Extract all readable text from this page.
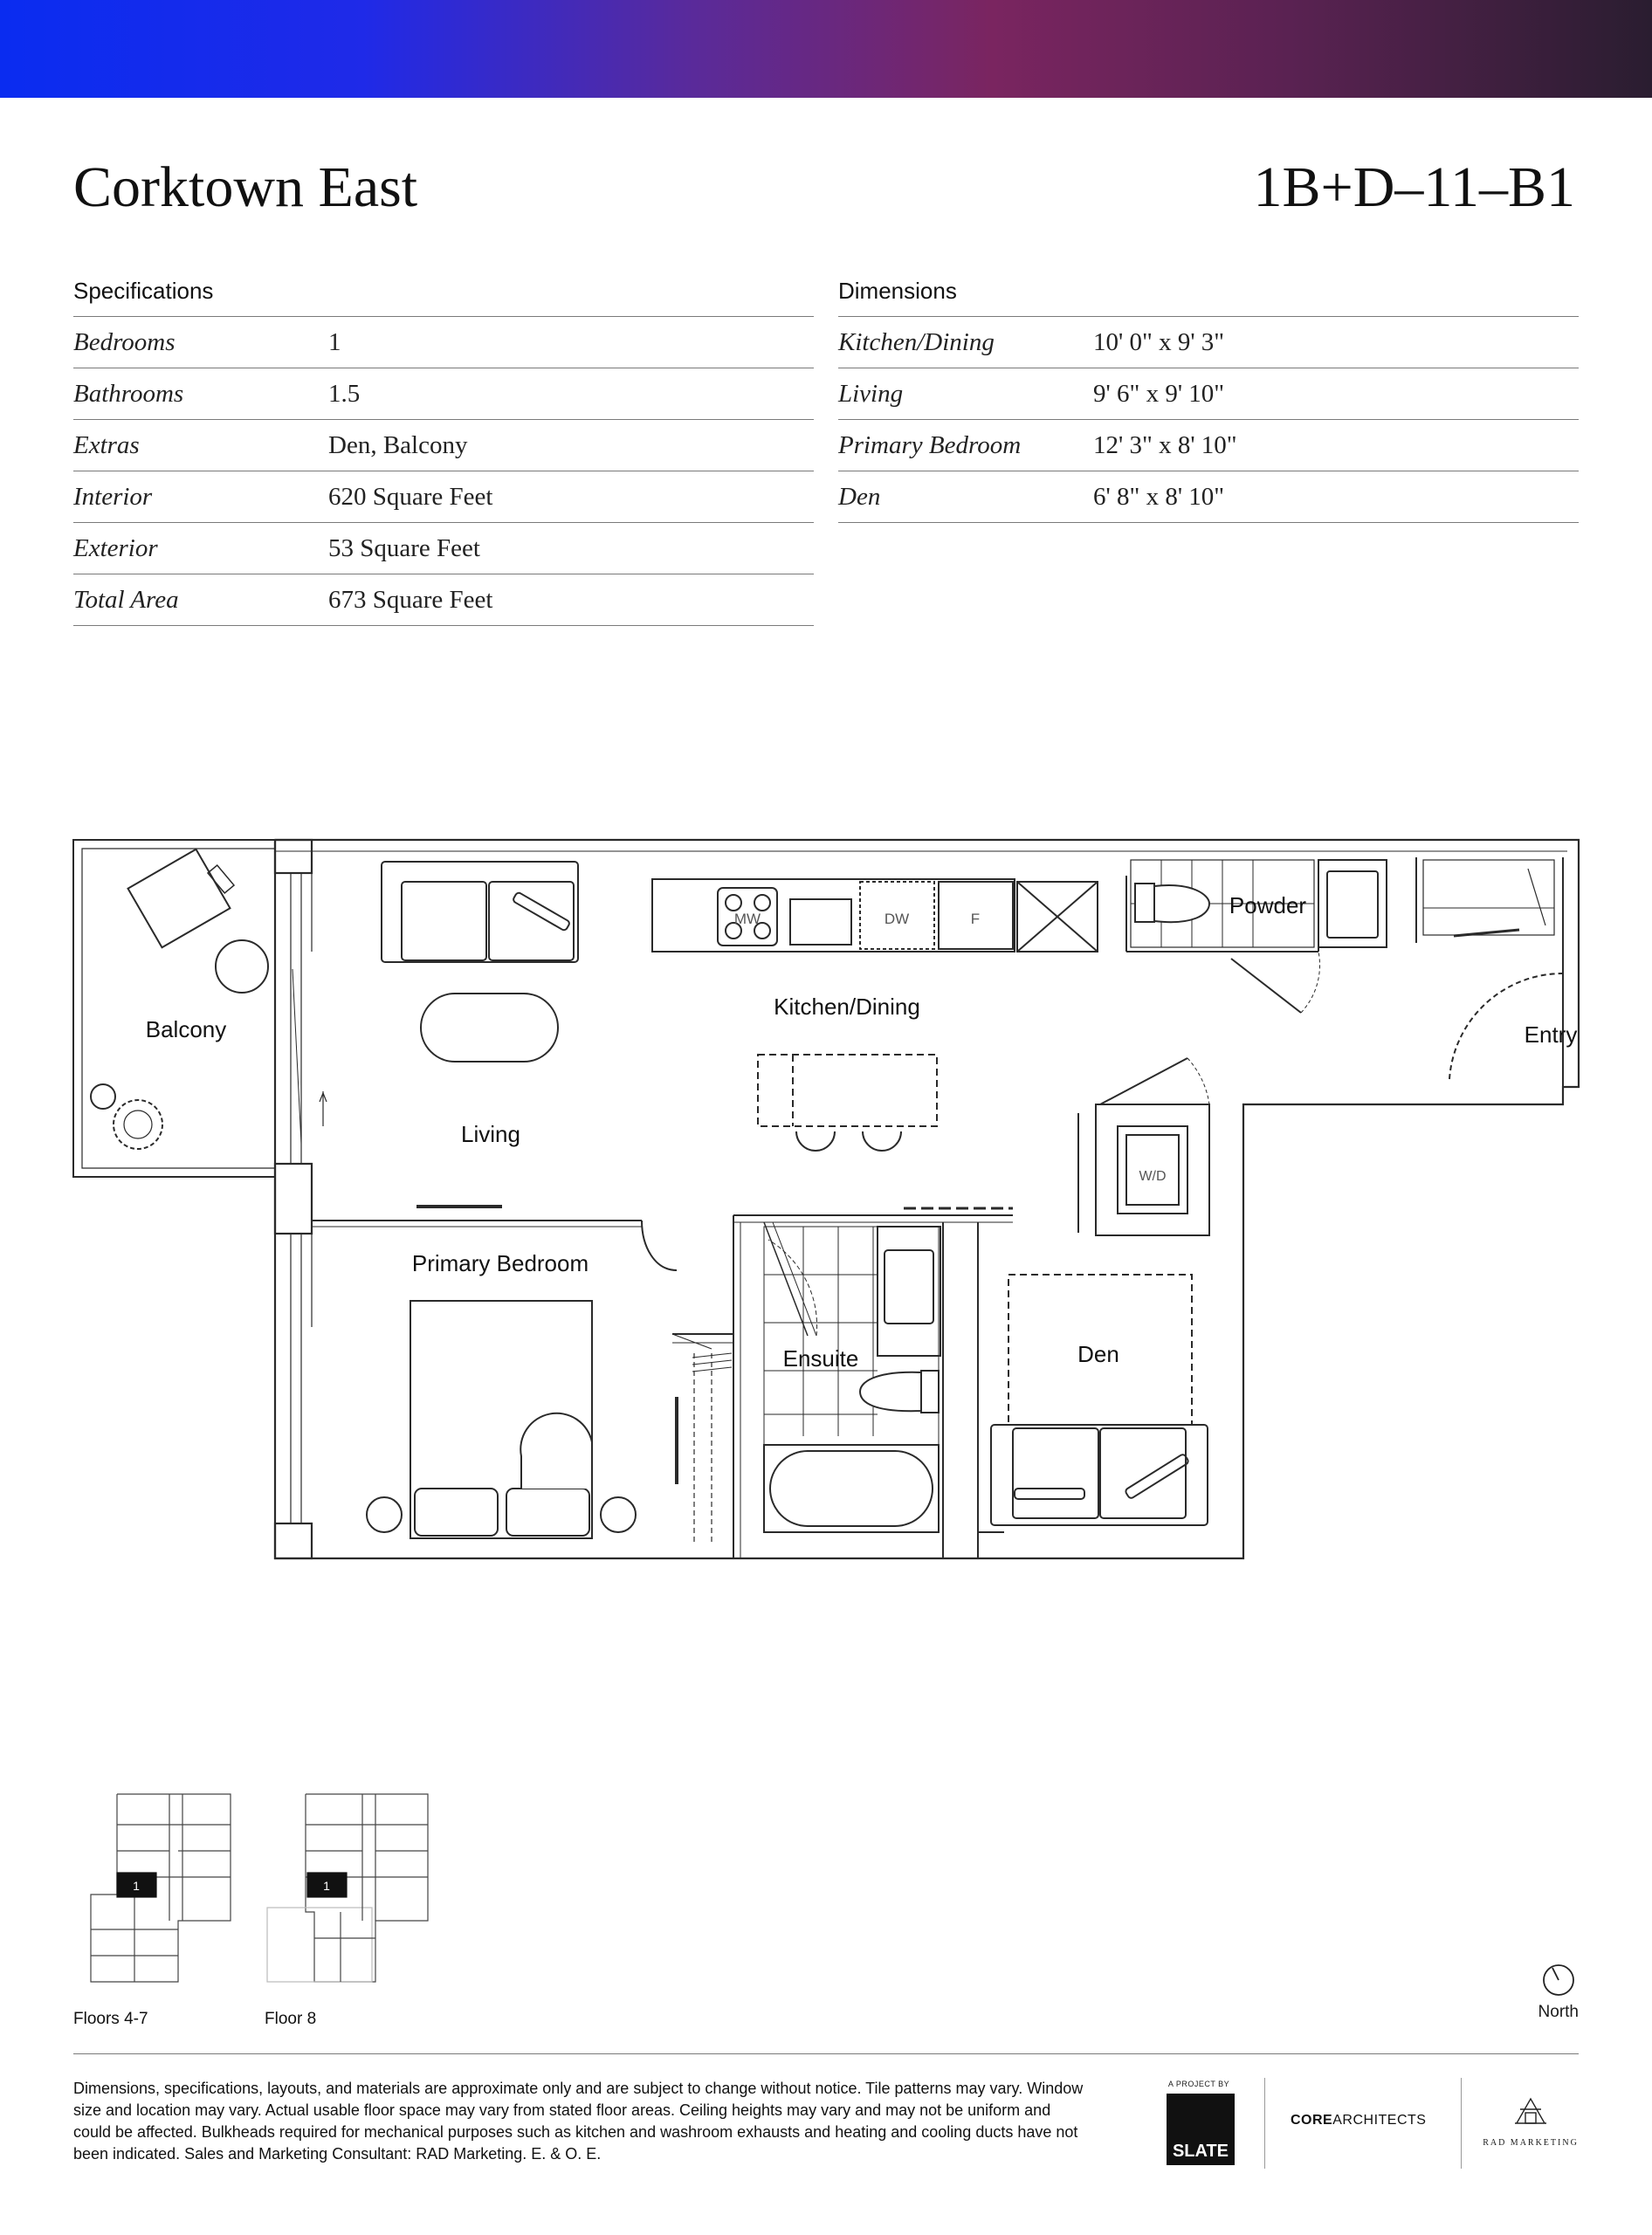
Corktown East	1B+D–11–B1
Specifications
Bedrooms	1
Bathrooms	1.5
Extras	Den, Balcony
Interior	620 Square Feet
Exterior	53 Square Feet
Total Area	673 Square Feet
Dimensions
Kitchen/Dining	10' 0" x 9' 3"
Living	9' 6" x 9' 10"
Primary Bedroom	12' 3" x 8' 10"
Den	6' 8" x 8' 10"
Balcony
Living
Kitchen/Dining
Powder
Entry
Primary Bedroom
Ensuite	Den
MW	DW	F
W/D
1
Floors 4-7
1
Floor 8	North
Dimensions, specifications, layouts, and materials are approximate only and are subject to change without notice. Tile patterns may vary. Window size and location may vary. Actual usable floor space may vary from stated floor areas. Ceiling heights may vary and may not be uniform and could be affected. Bulkheads required for mechanical purposes such as kitchen and washroom exhausts and heating and cooling ducts have not been indicated. Sales and Marketing Consultant: RAD Marketing. E. & O. E.
A PROJECT BY
SLATE
COREARCHITECTS
RAD MARKETING
